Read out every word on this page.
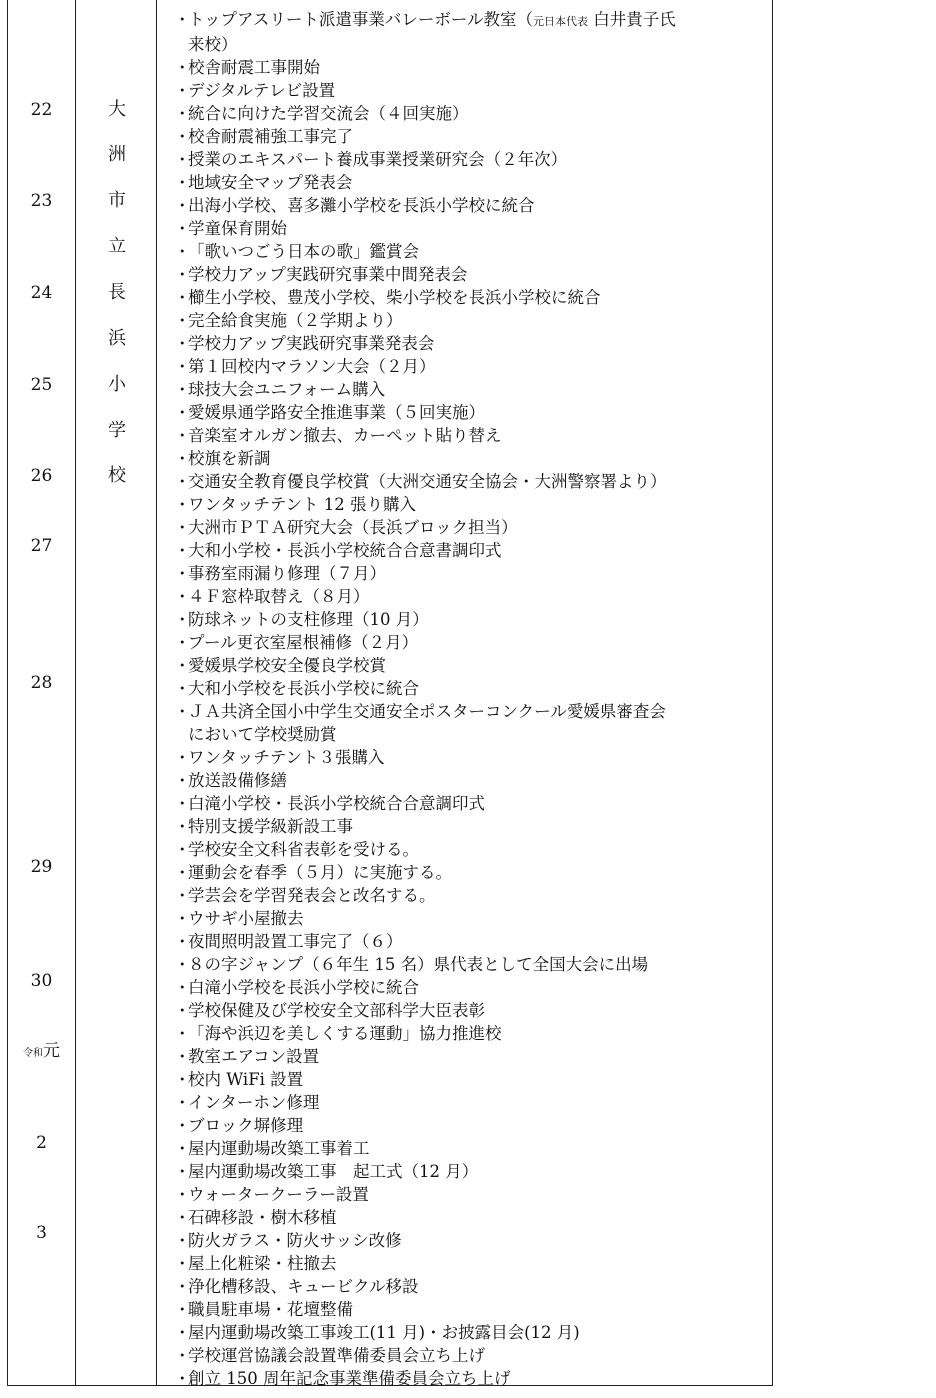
22
23
24
25
26
27
28
29
30
令和元
2
3
大
洲
市
立
長
浜
小
学
校
・
トップアスリート派遣事業バレーボール教室（元日本代表 白井貴子氏
来校）
・
校舎耐震工事開始
・
デジタルテレビ設置
・
統合に向けた学習交流会（４回実施）
・
校舎耐震補強工事完了
・
授業のエキスパート養成事業授業研究会（２年次）
・
地域安全マップ発表会
・
出海小学校、喜多灘小学校を長浜小学校に統合
・
学童保育開始
・
「歌いつごう日本の歌」鑑賞会
・
学校力アップ実践研究事業中間発表会
・
櫛生小学校、豊茂小学校、柴小学校を長浜小学校に統合
・
完全給食実施（２学期より）
・
学校力アップ実践研究事業発表会
・
第１回校内マラソン大会（２月）
・
球技大会ユニフォーム購入
・
愛媛県通学路安全推進事業（５回実施）
・
音楽室オルガン撤去、カーペット貼り替え
・
校旗を新調
・
交通安全教育優良学校賞（大洲交通安全協会・大洲警察署より）
・
ワンタッチテント 12 張り購入
・
大洲市ＰＴＡ研究大会（長浜ブロック担当）
・
大和小学校・長浜小学校統合合意書調印式
・
事務室雨漏り修理（７月）
・
４Ｆ窓枠取替え（８月）
・
防球ネットの支柱修理（10 月）
・
プール更衣室屋根補修（２月）
・
愛媛県学校安全優良学校賞
・
大和小学校を長浜小学校に統合
・
ＪＡ共済全国小中学生交通安全ポスターコンクール愛媛県審査会
において学校奨励賞
・
ワンタッチテント３張購入
・
放送設備修繕
・
白滝小学校・長浜小学校統合合意調印式
・
特別支援学級新設工事
・
学校安全文科省表彰を受ける。
・
運動会を春季（５月）に実施する。
・
学芸会を学習発表会と改名する。
・
ウサギ小屋撤去
・
夜間照明設置工事完了（６）
・
８の字ジャンプ（６年生 15 名）県代表として全国大会に出場
・
白滝小学校を長浜小学校に統合
・
学校保健及び学校安全文部科学大臣表彰
・
「海や浜辺を美しくする運動」協力推進校
・
教室エアコン設置
・
校内 WiFi 設置
・
インターホン修理
・
ブロック塀修理
・
屋内運動場改築工事着工
・
屋内運動場改築工事　起工式（12 月）
・
ウォータークーラー設置
・
石碑移設・樹木移植
・
防火ガラス・防火サッシ改修
・
屋上化粧梁・柱撤去
・
浄化槽移設、キュービクル移設
・
職員駐車場・花壇整備
・
屋内運動場改築工事竣工(11 月)・お披露目会(12 月)
・
学校運営協議会設置準備委員会立ち上げ
・
創立 150 周年記念事業準備委員会立ち上げ
